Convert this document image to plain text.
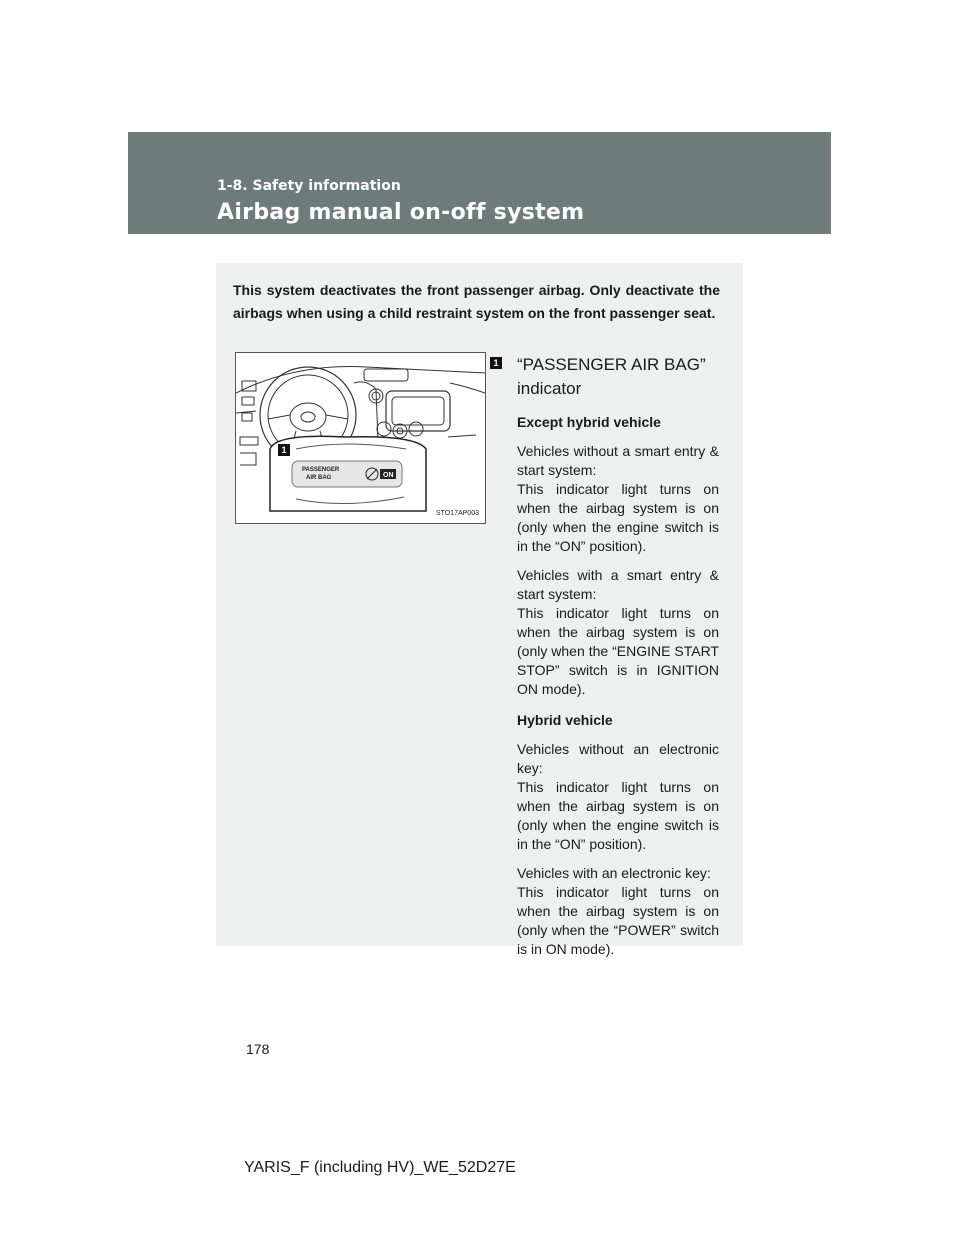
1-8. Safety information

Airbag manual on-off system

This system deactivates the front passenger airbag. Only deactivate the airbags when using a child restraint system on the front passenger seat.

PASSENGER
AIR BAG	ON
1
STO17AP003
1 “PASSENGER AIR BAG” indicator

Except hybrid vehicle

Vehicles without a smart entry & start system:
This indicator light turns on when the airbag system is on (only when the engine switch is in the “ON” position).

Vehicles with a smart entry & start system:
This indicator light turns on when the airbag system is on (only when the “ENGINE START STOP” switch is in IGNITION ON mode).

Hybrid vehicle

Vehicles without an electronic key:
This indicator light turns on when the airbag system is on (only when the engine switch is in the “ON” position).

Vehicles with an electronic key:
This indicator light turns on when the airbag system is on (only when the “POWER” switch is in ON mode).

178

YARIS_F (including HV)_WE_52D27E
